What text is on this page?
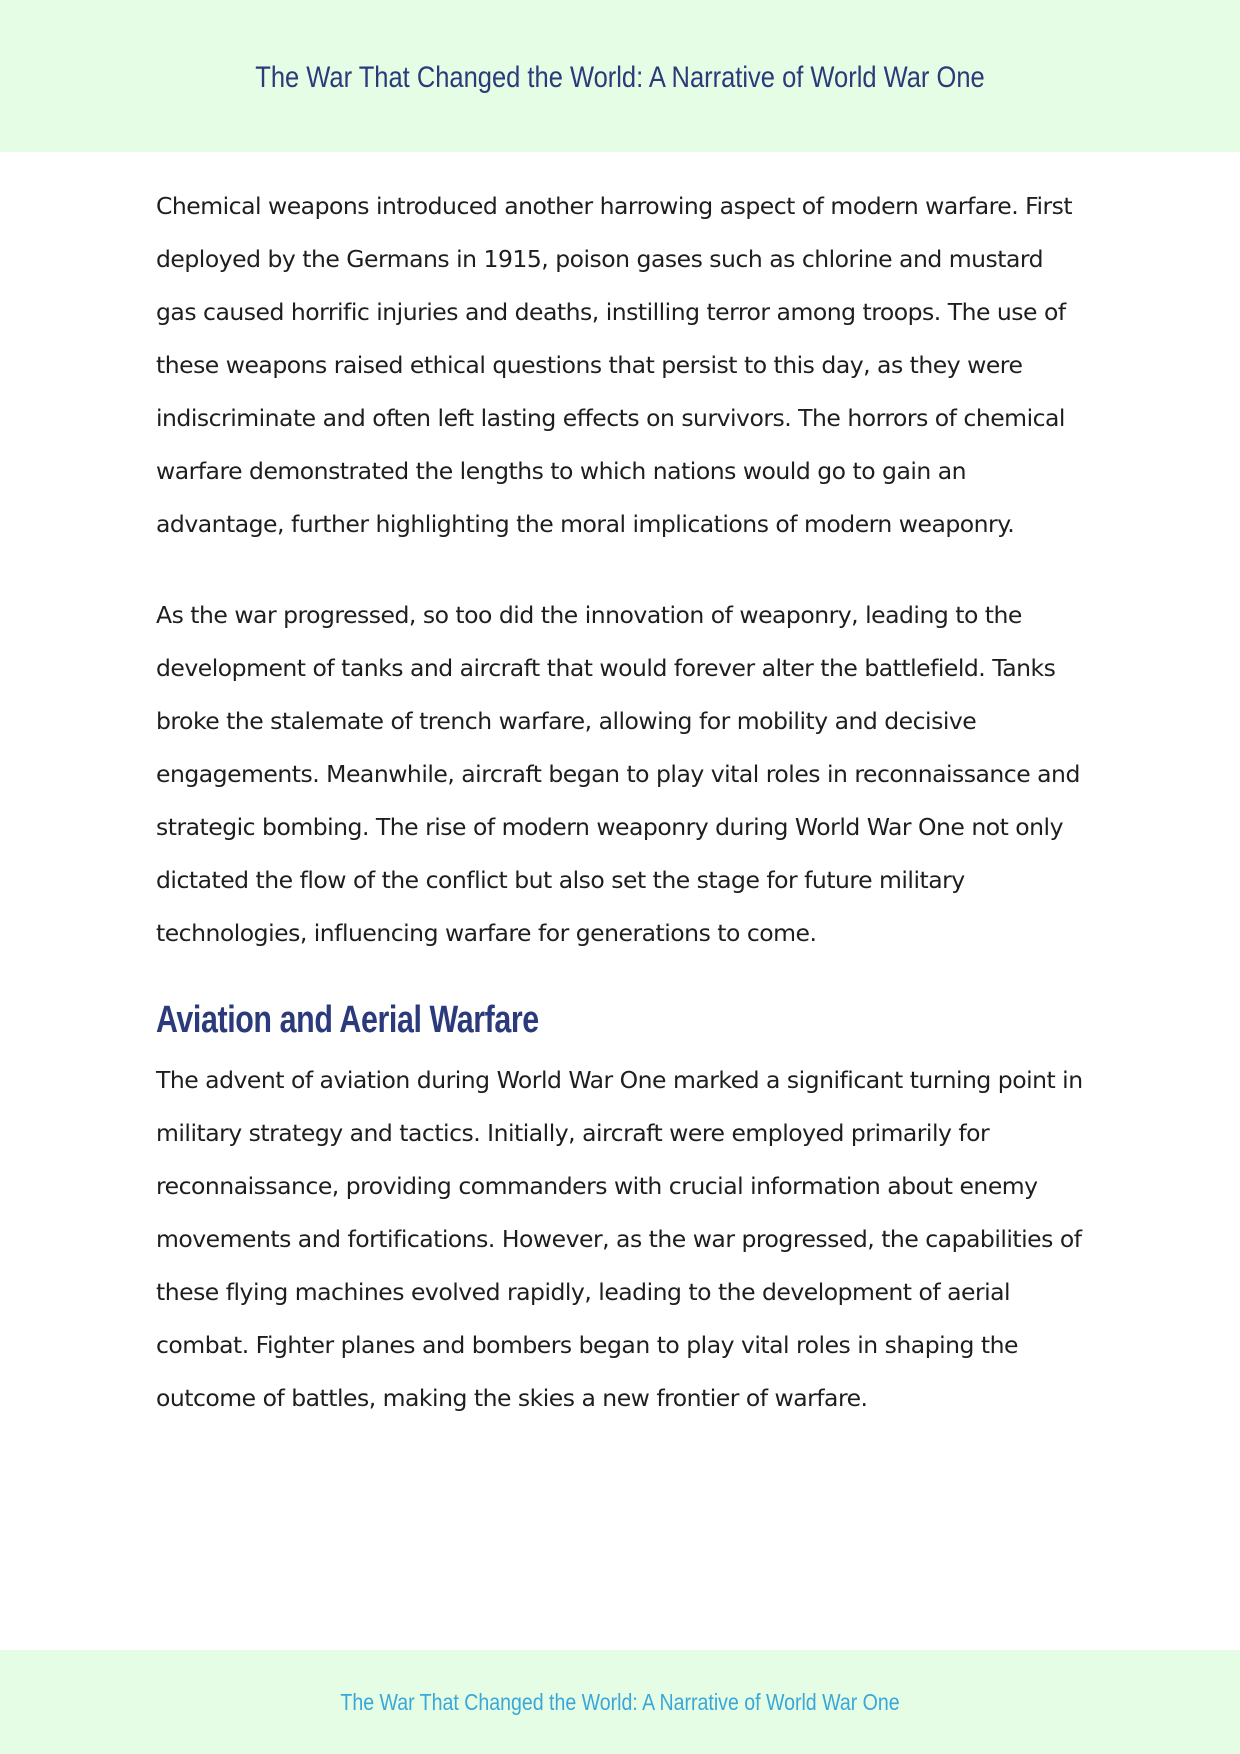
The War That Changed the World: A Narrative of World War One

Chemical weapons introduced another harrowing aspect of modern warfare. First deployed by the Germans in 1915, poison gases such as chlorine and mustard gas caused horrific injuries and deaths, instilling terror among troops. The use of these weapons raised ethical questions that persist to this day, as they were indiscriminate and often left lasting effects on survivors. The horrors of chemical warfare demonstrated the lengths to which nations would go to gain an advantage, further highlighting the moral implications of modern weaponry.

As the war progressed, so too did the innovation of weaponry, leading to the development of tanks and aircraft that would forever alter the battlefield. Tanks broke the stalemate of trench warfare, allowing for mobility and decisive engagements. Meanwhile, aircraft began to play vital roles in reconnaissance and strategic bombing. The rise of modern weaponry during World War One not only dictated the flow of the conflict but also set the stage for future military technologies, influencing warfare for generations to come.

Aviation and Aerial Warfare

The advent of aviation during World War One marked a significant turning point in military strategy and tactics. Initially, aircraft were employed primarily for reconnaissance, providing commanders with crucial information about enemy movements and fortifications. However, as the war progressed, the capabilities of these flying machines evolved rapidly, leading to the development of aerial combat. Fighter planes and bombers began to play vital roles in shaping the outcome of battles, making the skies a new frontier of warfare.

The War That Changed the World: A Narrative of World War One
